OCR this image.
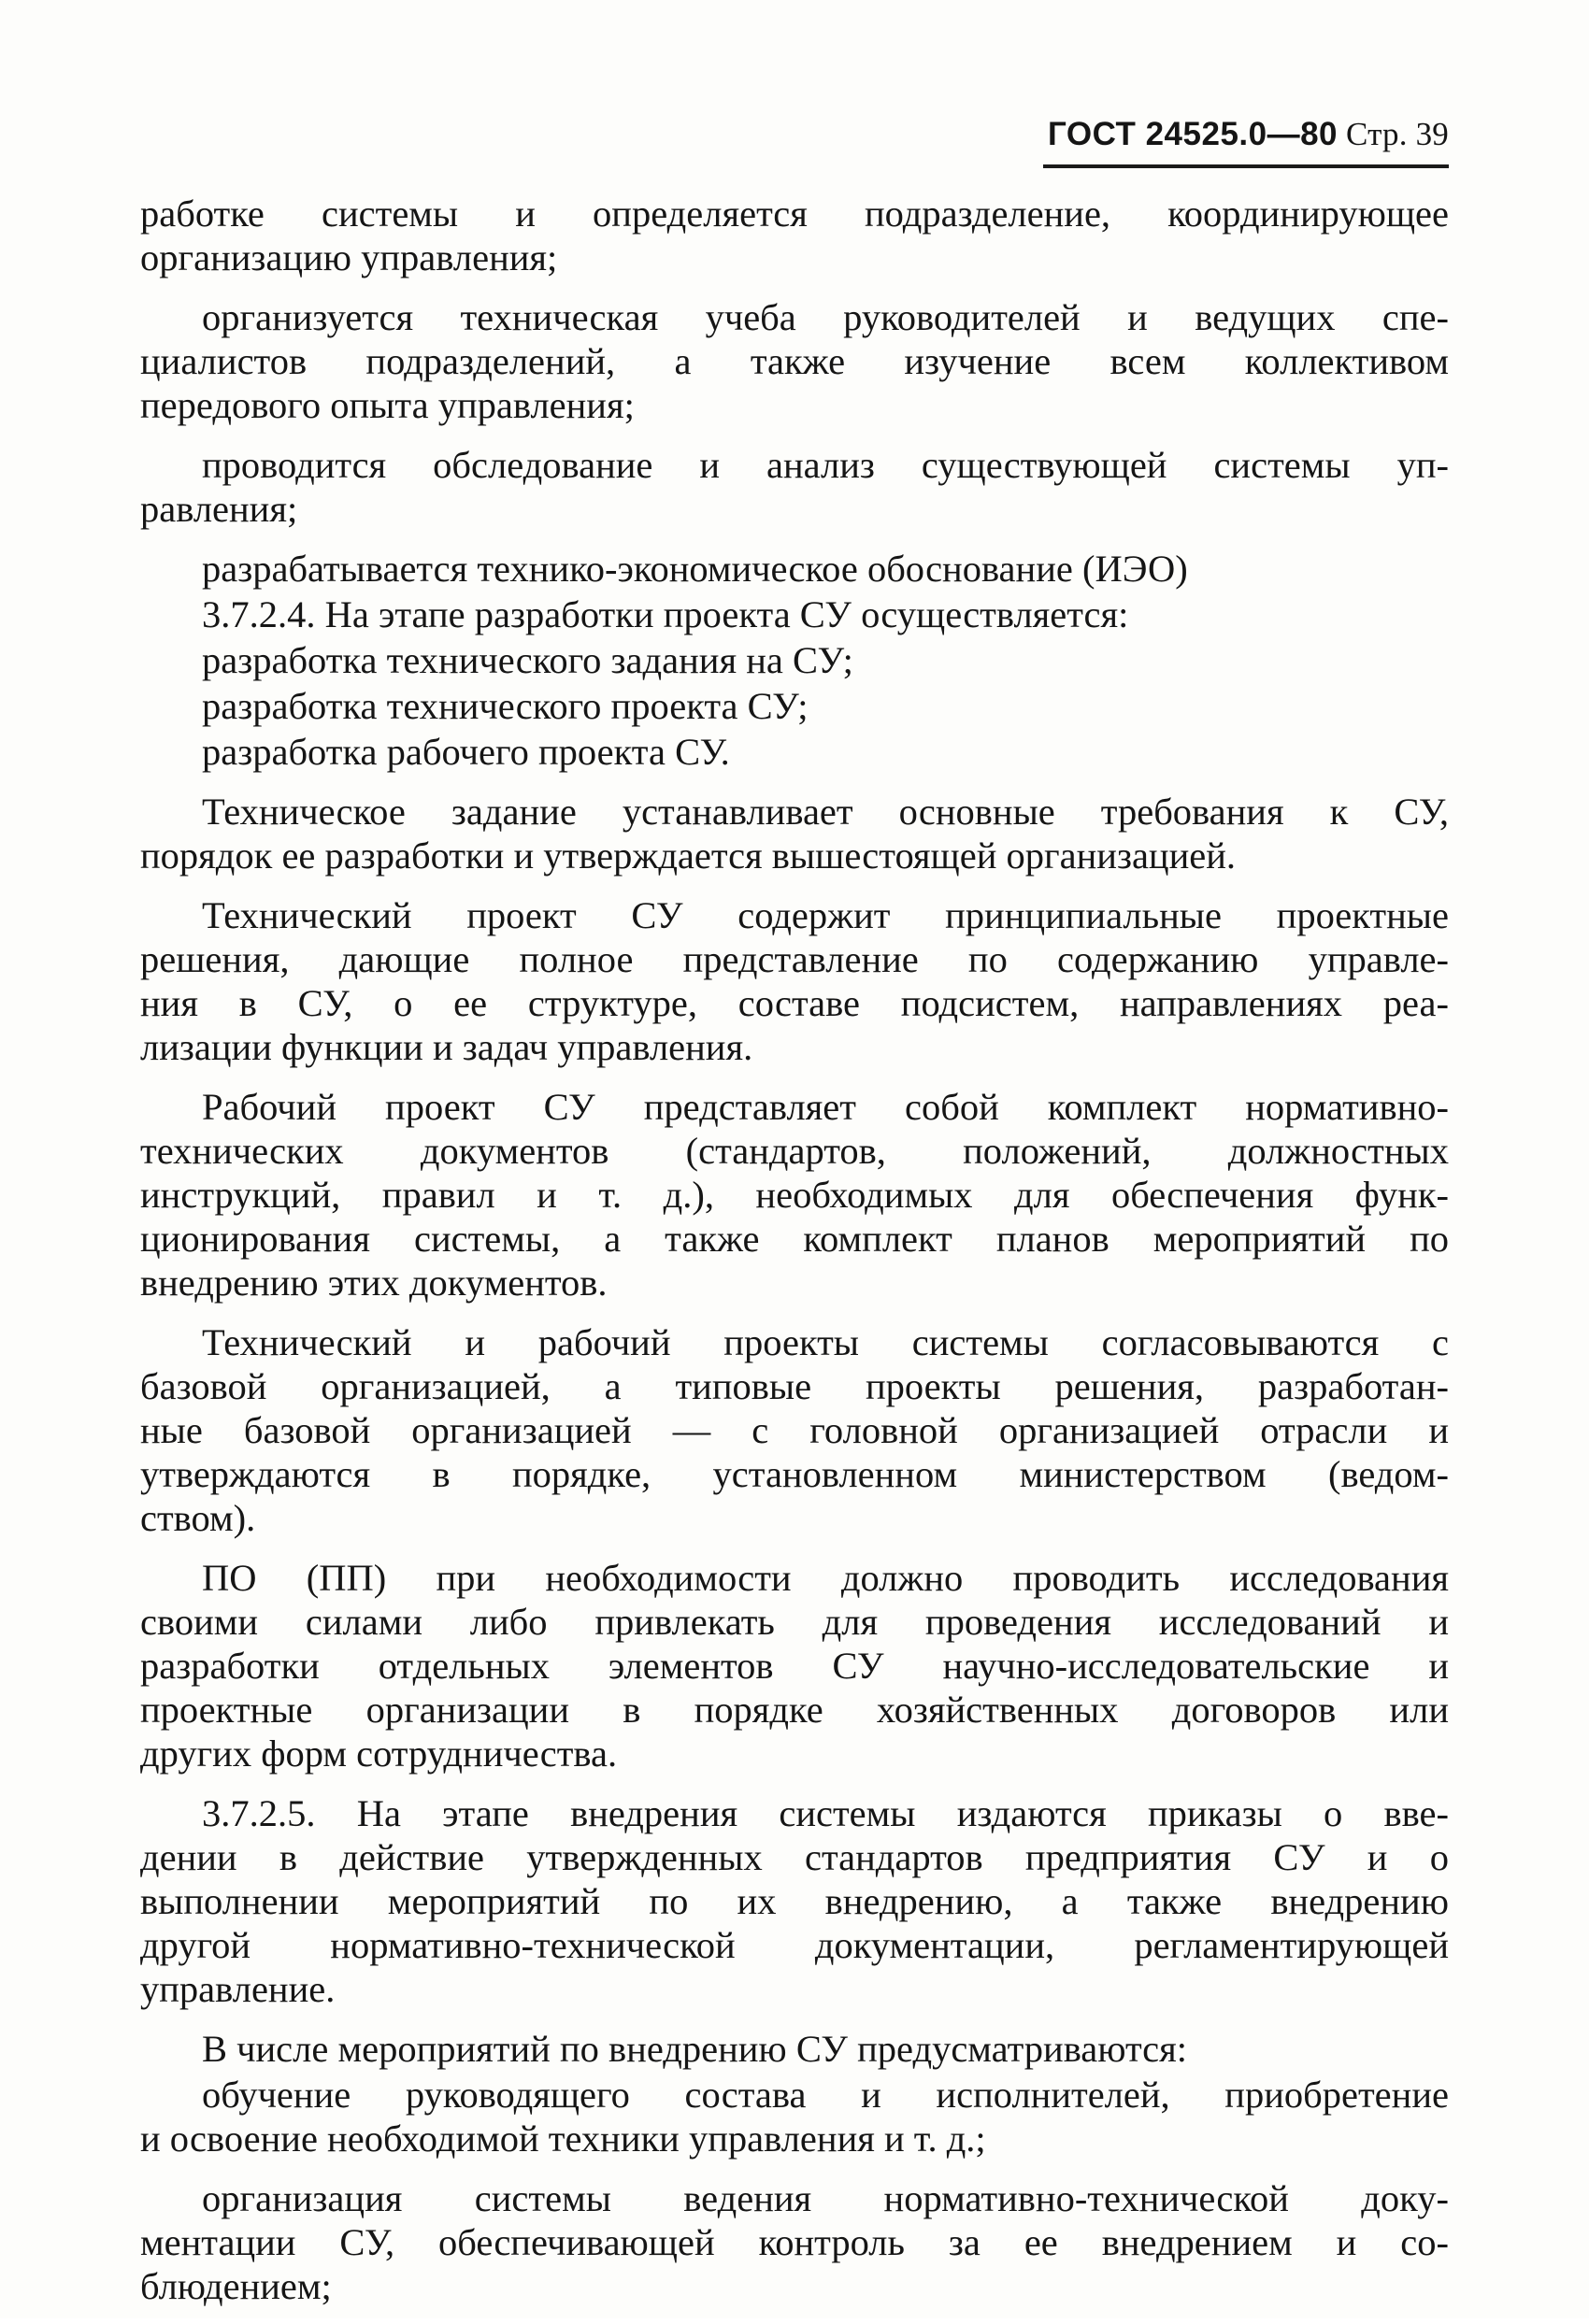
ГОСТ 24525.0—80 Стр. 39

работке системы и определяется подразделение, координирующее
организацию управления;

организуется техническая учеба руководителей и ведущих спе-
циалистов подразделений, а также изучение всем коллективом
передового опыта управления;

проводится обследование и анализ существующей системы уп-
равления;

разрабатывается технико-экономическое обоснование (ИЭО)

3.7.2.4. На этапе разработки проекта СУ осуществляется:

разработка технического задания на СУ;

разработка технического проекта СУ;

разработка рабочего проекта СУ.

Техническое задание устанавливает основные требования к СУ,
порядок ее разработки и утверждается вышестоящей организацией.

Технический проект СУ содержит принципиальные проектные
решения, дающие полное представление по содержанию управле-
ния в СУ, о ее структуре, составе подсистем, направлениях реа-
лизации функции и задач управления.

Рабочий проект СУ представляет собой комплект нормативно-
технических документов (стандартов, положений, должностных
инструкций, правил и т. д.), необходимых для обеспечения функ-
ционирования системы, а также комплект планов мероприятий по
внедрению этих документов.

Технический и рабочий проекты системы согласовываются с
базовой организацией, а типовые проекты решения, разработан-
ные базовой организацией — с головной организацией отрасли и
утверждаются в порядке, установленном министерством (ведом-
ством).

ПО (ПП) при необходимости должно проводить исследования
своими силами либо привлекать для проведения исследований и
разработки отдельных элементов СУ научно-исследовательские и
проектные организации в порядке хозяйственных договоров или
других форм сотрудничества.

3.7.2.5. На этапе внедрения системы издаются приказы о вве-
дении в действие утвержденных стандартов предприятия СУ и о
выполнении мероприятий по их внедрению, а также внедрению
другой нормативно-технической документации, регламентирующей
управление.

В числе мероприятий по внедрению СУ предусматриваются:

обучение руководящего состава и исполнителей, приобретение
и освоение необходимой техники управления и т. д.;

организация системы ведения нормативно-технической доку-
ментации СУ, обеспечивающей контроль за ее внедрением и со-
блюдением;
